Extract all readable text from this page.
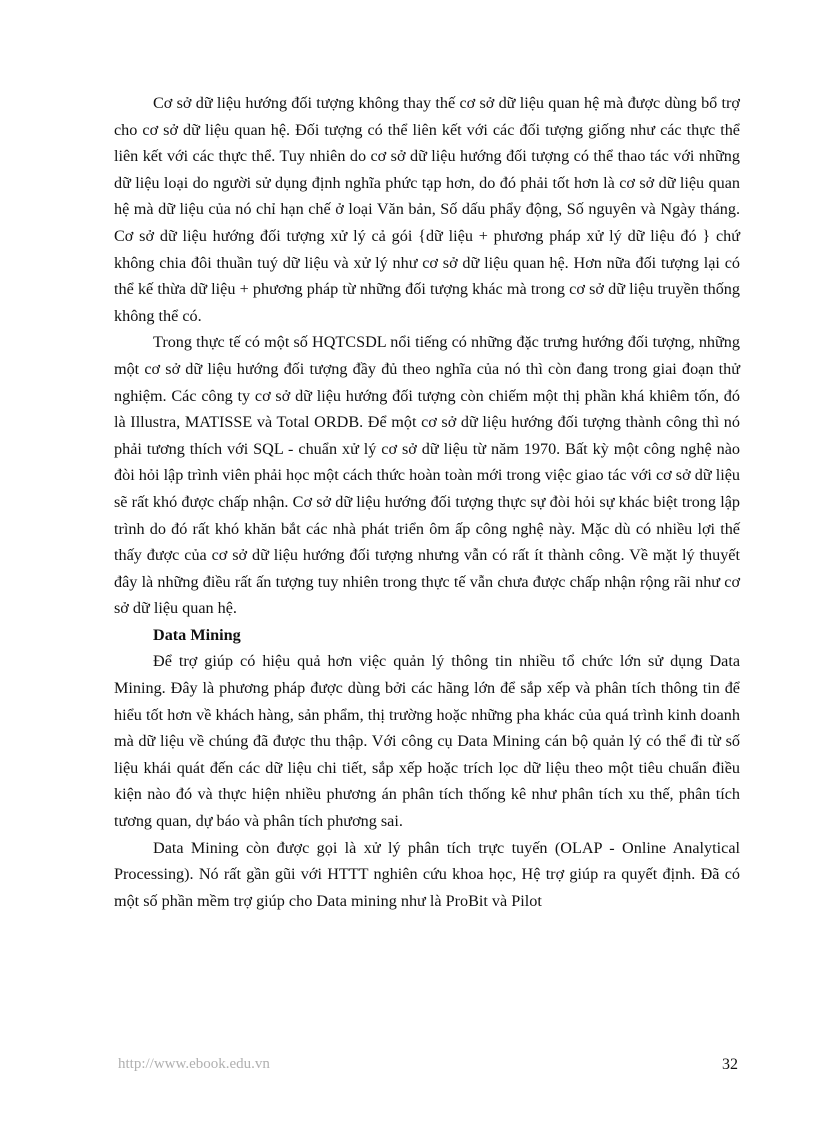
Cơ sở dữ liệu hướng đối tượng không thay thế cơ sở dữ liệu quan hệ mà được dùng bổ trợ cho cơ sở dữ liệu quan hệ. Đối tượng có thể liên kết với các đối tượng giống như các thực thể liên kết với các thực thể. Tuy nhiên do cơ sở dữ liệu hướng đối tượng có thể thao tác với những dữ liệu loại do người sử dụng định nghĩa phức tạp hơn, do đó phải tốt hơn là cơ sở dữ liệu quan hệ mà dữ liệu của nó chỉ hạn chế ở loại Văn bản, Số dấu phẩy động, Số nguyên và Ngày tháng. Cơ sở dữ liệu hướng đối tượng xử lý cả gói {dữ liệu + phương pháp xử lý dữ liệu đó } chứ không chia đôi thuần tuý dữ liệu và xử lý như cơ sở dữ liệu quan hệ. Hơn nữa đối tượng lại có thể kế thừa dữ liệu + phương pháp từ những đối tượng khác mà trong cơ sở dữ liệu truyền thống không thể có.

Trong thực tế có một số HQTCSDL nổi tiếng có những đặc trưng hướng đối tượng, những một cơ sở dữ liệu hướng đối tượng đầy đủ theo nghĩa của nó thì còn đang trong giai đoạn thử nghiệm. Các công ty cơ sở dữ liệu hướng đối tượng còn chiếm một thị phần khá khiêm tốn, đó là Illustra, MATISSE và Total ORDB. Để một cơ sở dữ liệu hướng đối tượng thành công thì nó phải tương thích với SQL - chuẩn xử lý cơ sở dữ liệu từ năm 1970. Bất kỳ một công nghệ nào đòi hỏi lập trình viên phải học một cách thức hoàn toàn mới trong việc giao tác với cơ sở dữ liệu sẽ rất khó được chấp nhận. Cơ sở dữ liệu hướng đối tượng thực sự đòi hỏi sự khác biệt trong lập trình do đó rất khó khăn bắt các nhà phát triển ôm ấp công nghệ này. Mặc dù có nhiều lợi thế thấy được của cơ sở dữ liệu hướng đối tượng nhưng vẫn có rất ít thành công. Về mặt lý thuyết đây là những điều rất ấn tượng tuy nhiên trong thực tế vẫn chưa được chấp nhận rộng rãi như cơ sở dữ liệu quan hệ.

Data Mining

Để trợ giúp có hiệu quả hơn việc quản lý thông tin nhiều tổ chức lớn sử dụng Data Mining. Đây là phương pháp được dùng bởi các hãng lớn để sắp xếp và phân tích thông tin để hiểu tốt hơn về khách hàng, sản phẩm, thị trường hoặc những pha khác của quá trình kinh doanh mà dữ liệu về chúng đã được thu thập. Với công cụ Data Mining cán bộ quản lý có thể đi từ số liệu khái quát đến các dữ liệu chi tiết, sắp xếp hoặc trích lọc dữ liệu theo một tiêu chuẩn điều kiện nào đó và thực hiện nhiều phương án phân tích thống kê như phân tích xu thế, phân tích tương quan, dự báo và phân tích phương sai.

Data Mining còn được gọi là xử lý phân tích trực tuyến (OLAP - Online Analytical Processing). Nó rất gần gũi với HTTT nghiên cứu khoa học, Hệ trợ giúp ra quyết định. Đã có một số phần mềm trợ giúp cho Data mining như là ProBit và Pilot

http://www.ebook.edu.vn	32
